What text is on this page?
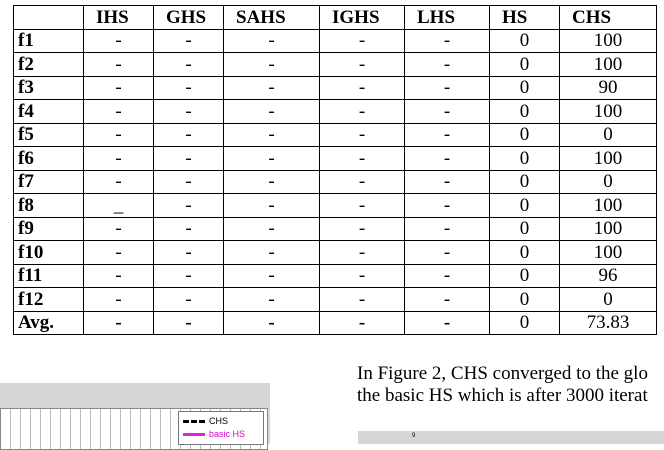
	IHS	GHS	SAHS	IGHS	LHS	HS	CHS
f1	-	-	-	-	-	0	100
f2	-	-	-	-	-	0	100
f3	-	-	-	-	-	0	90
f4	-	-	-	-	-	0	100
f5	-	-	-	-	-	0	0
f6	-	-	-	-	-	0	100
f7	-	-	-	-	-	0	0
f8	_	-	-	-	-	0	100
f9	-	-	-	-	-	0	100
f10	-	-	-	-	-	0	100
f11	-	-	-	-	-	0	96
f12	-	-	-	-	-	0	0
Avg.	-	-	-	-	-	0	73.83
In Figure 2, CHS converged to the glo
the basic HS which is after 3000 iterat
CHS
basic HS	9
